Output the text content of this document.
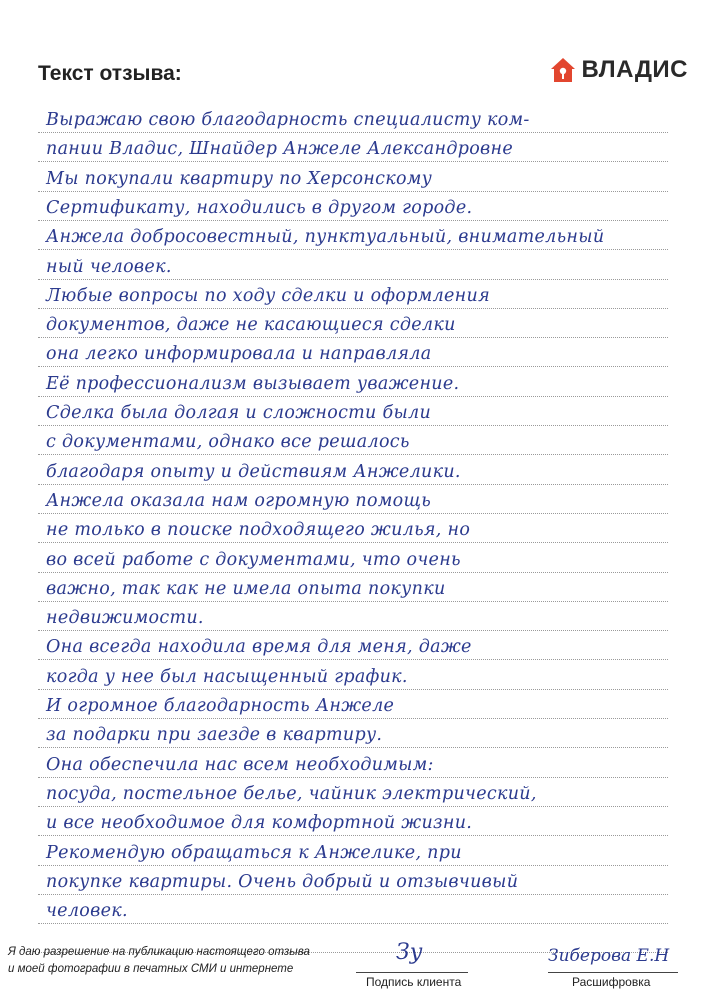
Текст отзыва:	ВЛАДИС
Выражаю свою благодарность специалисту ком-
пании Владис, Шнайдер Анжеле Александровне
Мы покупали квартиру по Херсонскому
Сертификату, находились в другом городе.
Анжела добросовестный, пунктуальный, внимательный
ный человек.
Любые вопросы по ходу сделки и оформления
документов, даже не касающиеся сделки
она легко информировала и направляла
Её профессионализм вызывает уважение.
Сделка была долгая и сложности были
с документами, однако все решалось
благодаря опыту и действиям Анжелики.
Анжела оказала нам огромную помощь
не только в поиске подходящего жилья, но
во всей работе с документами, что очень
важно, так как не имела опыта покупки
недвижимости.
Она всегда находила время для меня, даже
когда у нее был насыщенный график.
И огромное благодарность Анжеле
за подарки при заезде в квартиру.
Она обеспечила нас всем необходимым:
посуда, постельное белье, чайник электрический,
и все необходимое для комфортной жизни.
Рекомендую обращаться к Анжелике, при
покупке квартиры. Очень добрый и отзывчивый
человек.
Я даю разрешение на публикацию настоящего отзыва
и моей фотографии в печатных СМИ и интернете
Подпись клиента
Зу
Расшифровка
Зиберова Е.Н
